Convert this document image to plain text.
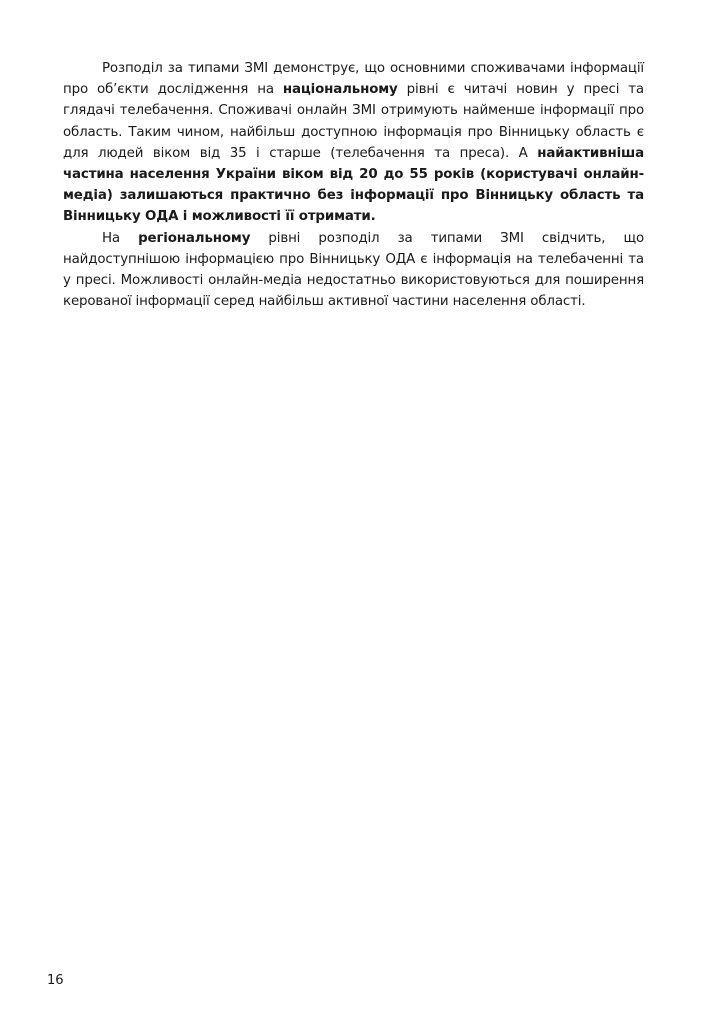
Розподіл за типами ЗМІ демонструє, що основними споживачами інформації про об’єкти дослідження на національному рівні є читачі новин у пресі та глядачі телебачення. Споживачі онлайн ЗМІ отримують найменше інформації про область. Таким чином, найбільш доступною інформація про Вінницьку область є для людей віком від 35 і старше (телебачення та преса). А найактивніша частина населення України віком від 20 до 55 років (користувачі онлайн-медіа) залишаються практично без інформації про Вінницьку область та Вінницьку ОДА і можливості її отримати.

На регіональному рівні розподіл за типами ЗМІ свідчить, що найдоступнішою інформацією про Вінницьку ОДА є інформація на телебаченні та у пресі. Можливості онлайн-медіа недостатньо використовуються для поширення керованої інформації серед найбільш активної частини населення області.

16
